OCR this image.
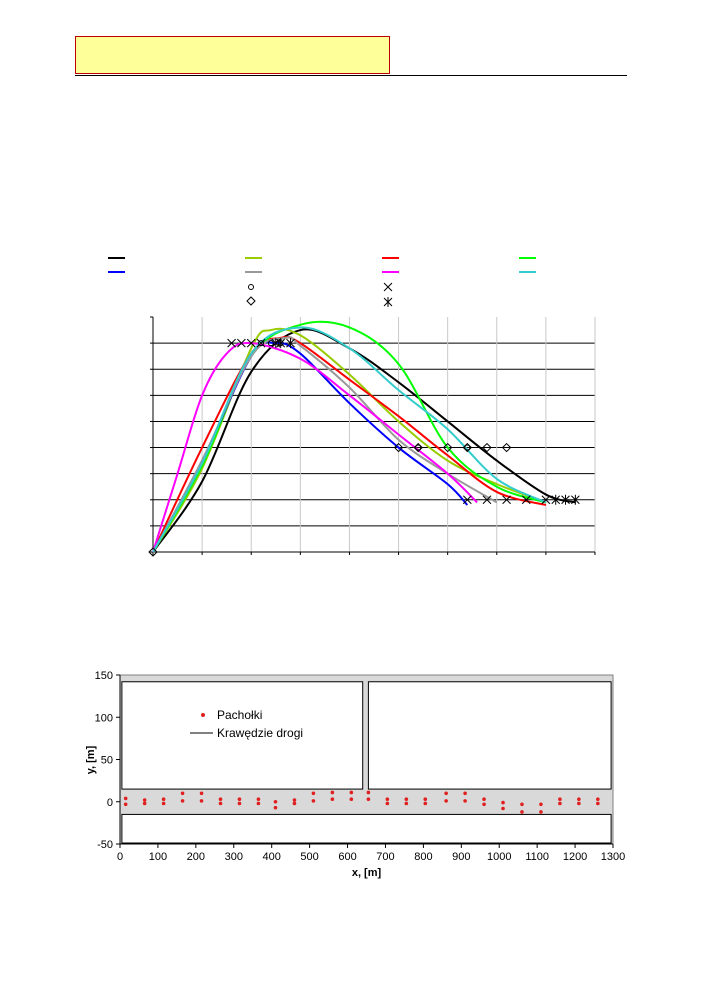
0 100 200 300 400 500 600 700 800 900 1000 1100 1200 1300
150
100
50
0
-50
x, [m]
y, [m]
Pachołki
Krawędzie drogi
